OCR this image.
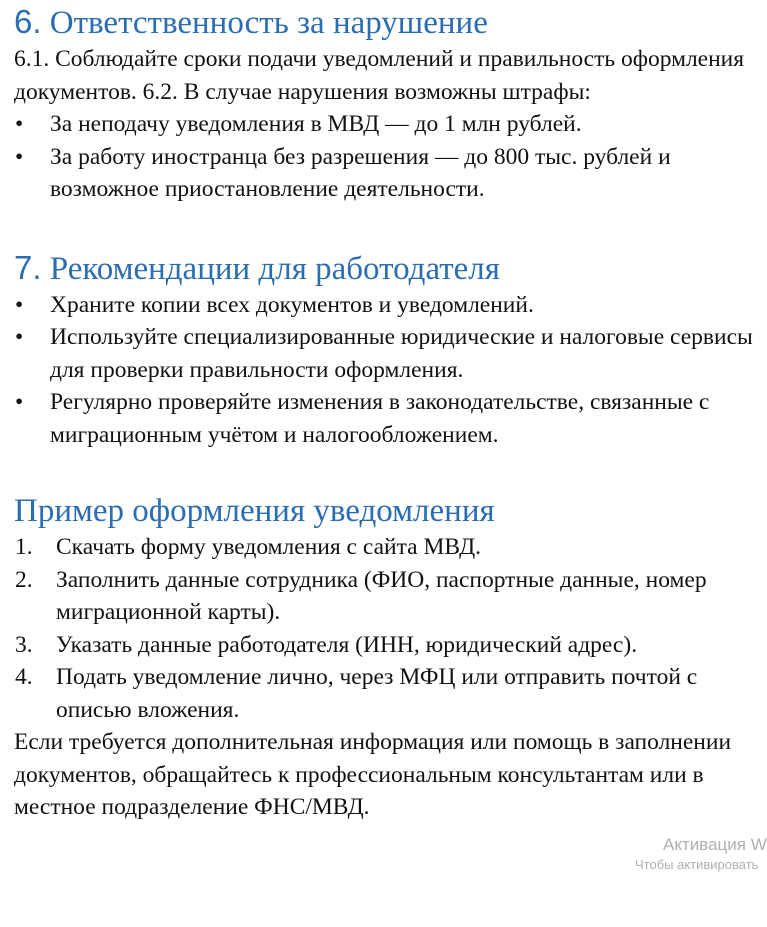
6. Ответственность за нарушение

6.1. Соблюдайте сроки подачи уведомлений и правильность оформления документов. 6.2. В случае нарушения возможны штрафы:

• За неподачу уведомления в МВД — до 1 млн рублей.
• За работу иностранца без разрешения — до 800 тыс. рублей и возможное приостановление деятельности.
7. Рекомендации для работодателя
• Храните копии всех документов и уведомлений.
• Используйте специализированные юридические и налоговые сервисы для проверки правильности оформления.
• Регулярно проверяйте изменения в законодательстве, связанные с миграционным учётом и налогообложением.
Пример оформления уведомления
1. Скачать форму уведомления с сайта МВД.
2. Заполнить данные сотрудника (ФИО, паспортные данные, номер миграционной карты).
3. Указать данные работодателя (ИНН, юридический адрес).
4. Подать уведомление лично, через МФЦ или отправить почтой с описью вложения.

Если требуется дополнительная информация или помощь в заполнении документов, обращайтесь к профессиональным консультантам или в местное подразделение ФНС/МВД.

Активация W
Чтобы активировать
